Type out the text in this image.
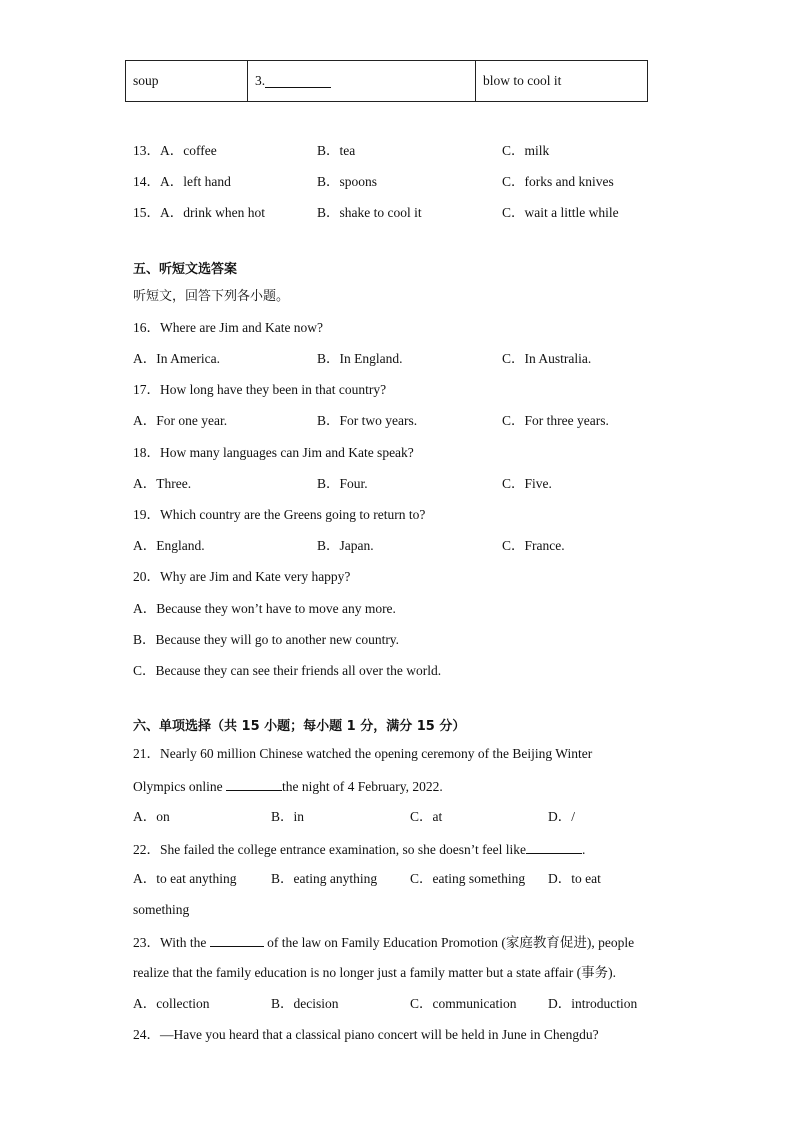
soup	3.	blow to cool it
13．A．coffee	B．tea	C．milk
14．A．left hand	B．spoons	C．forks and knives
15．A．drink when hot	B．shake to cool it	C．wait a little while
五、听短文选答案
听短文，回答下列各小题。
16．Where are Jim and Kate now?
A．In America.	B．In England.	C．In Australia.
17．How long have they been in that country?
A．For one year.	B．For two years.	C．For three years.
18．How many languages can Jim and Kate speak?
A．Three.	B．Four.	C．Five.
19．Which country are the Greens going to return to?
A．England.	B．Japan.	C．France.
20．Why are Jim and Kate very happy?
A．Because they won’t have to move any more.
B．Because they will go to another new country.
C．Because they can see their friends all over the world.
六、单项选择（共 15 小题；每小题 1 分，满分 15 分）
21．Nearly 60 million Chinese watched the opening ceremony of the Beijing Winter
Olympics online	the night of 4 February, 2022.
A．on	B．in	C．at	D．/
22．She failed the college entrance examination, so she doesn’t feel like	.
A．to eat anything	B．eating anything C．eating something D．to eat
something
23．With the	of the law on Family Education Promotion (家庭教育促进), people
realize that the family education is no longer just a family matter but a state affair (事务).
A．collection	B．decision	C．communication D．introduction
24．—Have you heard that a classical piano concert will be held in June in Chengdu?
